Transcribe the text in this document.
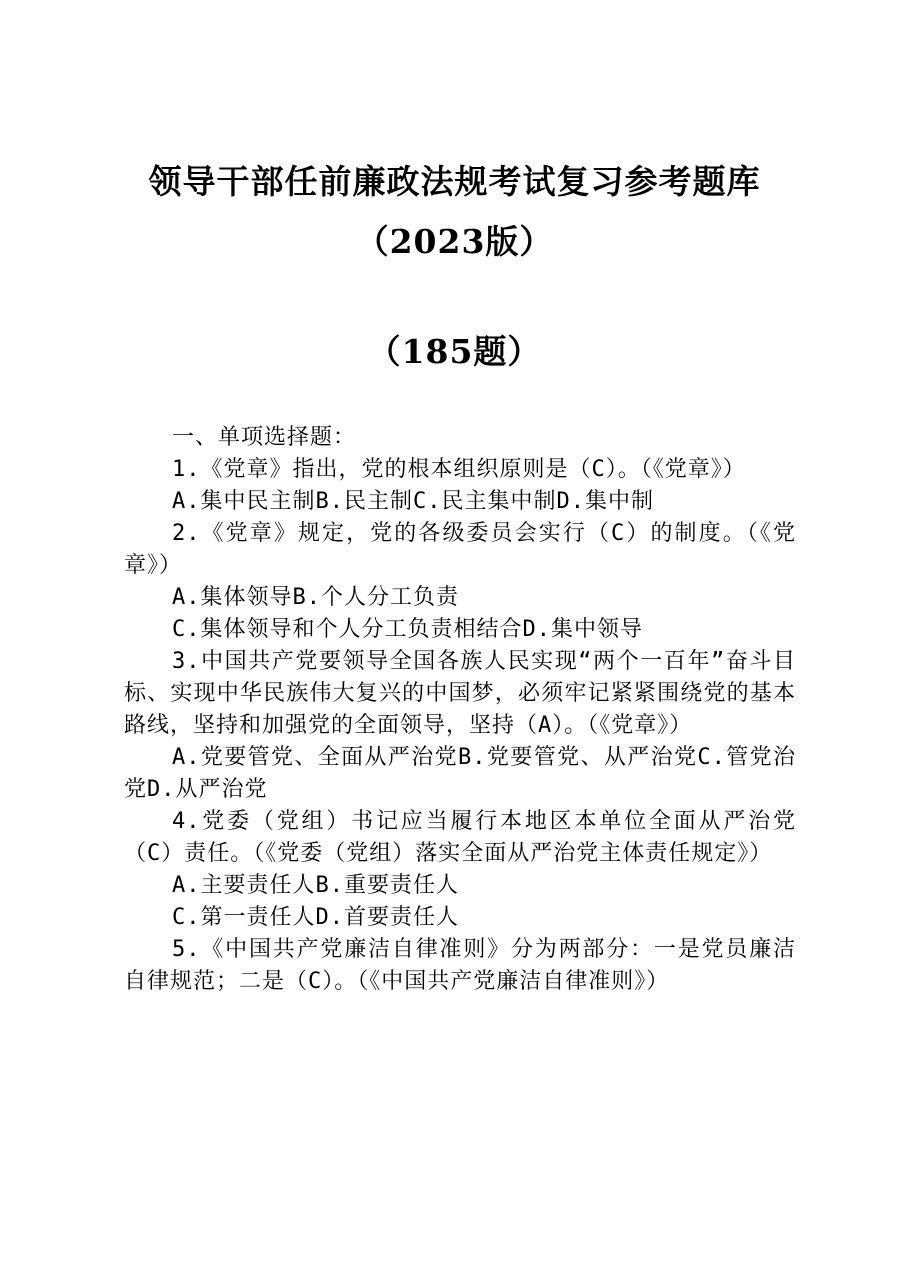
领导干部任前廉政法规考试复习参考题库
（2023版）
（185题）

一、单项选择题：

1.《党章》指出，党的根本组织原则是（C）。（《党章》）

A.集中民主制B.民主制C.民主集中制D.集中制

2.《党章》规定，党的各级委员会实行（C）的制度。（《党章》）

A.集体领导B.个人分工负责

C.集体领导和个人分工负责相结合D.集中领导

3.中国共产党要领导全国各族人民实现“两个一百年”奋斗目标、实现中华民族伟大复兴的中国梦，必须牢记紧紧围绕党的基本路线，坚持和加强党的全面领导，坚持（A）。（《党章》）

A.党要管党、全面从严治党B.党要管党、从严治党C.管党治党D.从严治党

4.党委（党组）书记应当履行本地区本单位全面从严治党（C）责任。（《党委（党组）落实全面从严治党主体责任规定》）

A.主要责任人B.重要责任人

C.第一责任人D.首要责任人

5.《中国共产党廉洁自律准则》分为两部分：一是党员廉洁自律规范；二是（C）。（《中国共产党廉洁自律准则》）
